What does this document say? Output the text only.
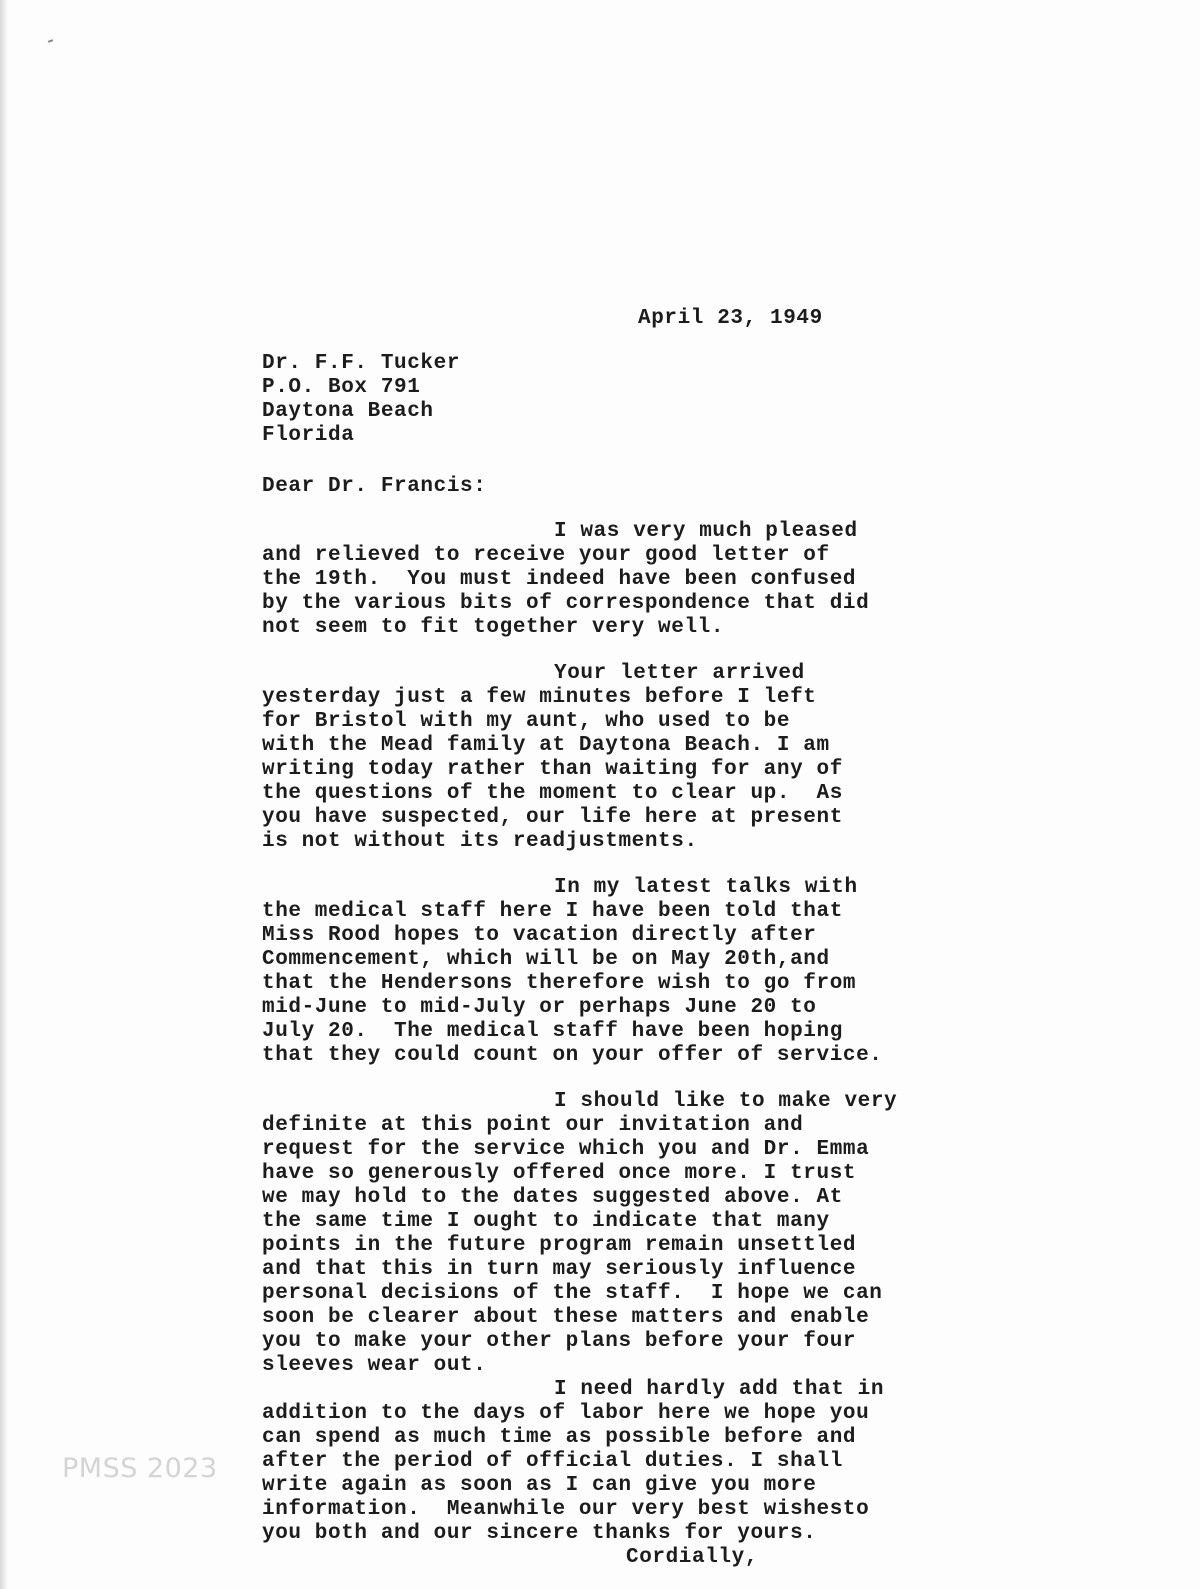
April 23, 1949
Dr. F.F. Tucker
P.O. Box 791
Daytona Beach
Florida
Dear Dr. Francis:
I was very much pleased
and relieved to receive your good letter of
the 19th.  You must indeed have been confused
by the various bits of correspondence that did
not seem to fit together very well.
Your letter arrived
yesterday just a few minutes before I left
for Bristol with my aunt, who used to be
with the Mead family at Daytona Beach. I am
writing today rather than waiting for any of
the questions of the moment to clear up.  As
you have suspected, our life here at present
is not without its readjustments.
In my latest talks with
the medical staff here I have been told that
Miss Rood hopes to vacation directly after
Commencement, which will be on May 20th,and
that the Hendersons therefore wish to go from
mid-June to mid-July or perhaps June 20 to
July 20.  The medical staff have been hoping
that they could count on your offer of service.
I should like to make very
definite at this point our invitation and
request for the service which you and Dr. Emma
have so generously offered once more. I trust
we may hold to the dates suggested above. At
the same time I ought to indicate that many
points in the future program remain unsettled
and that this in turn may seriously influence
personal decisions of the staff.  I hope we can
soon be clearer about these matters and enable
you to make your other plans before your four
sleeves wear out.
I need hardly add that in
addition to the days of labor here we hope you
can spend as much time as possible before and
after the period of official duties. I shall
write again as soon as I can give you more
information.  Meanwhile our very best wishesto
you both and our sincere thanks for yours.
Cordially,
PMSS 2023
